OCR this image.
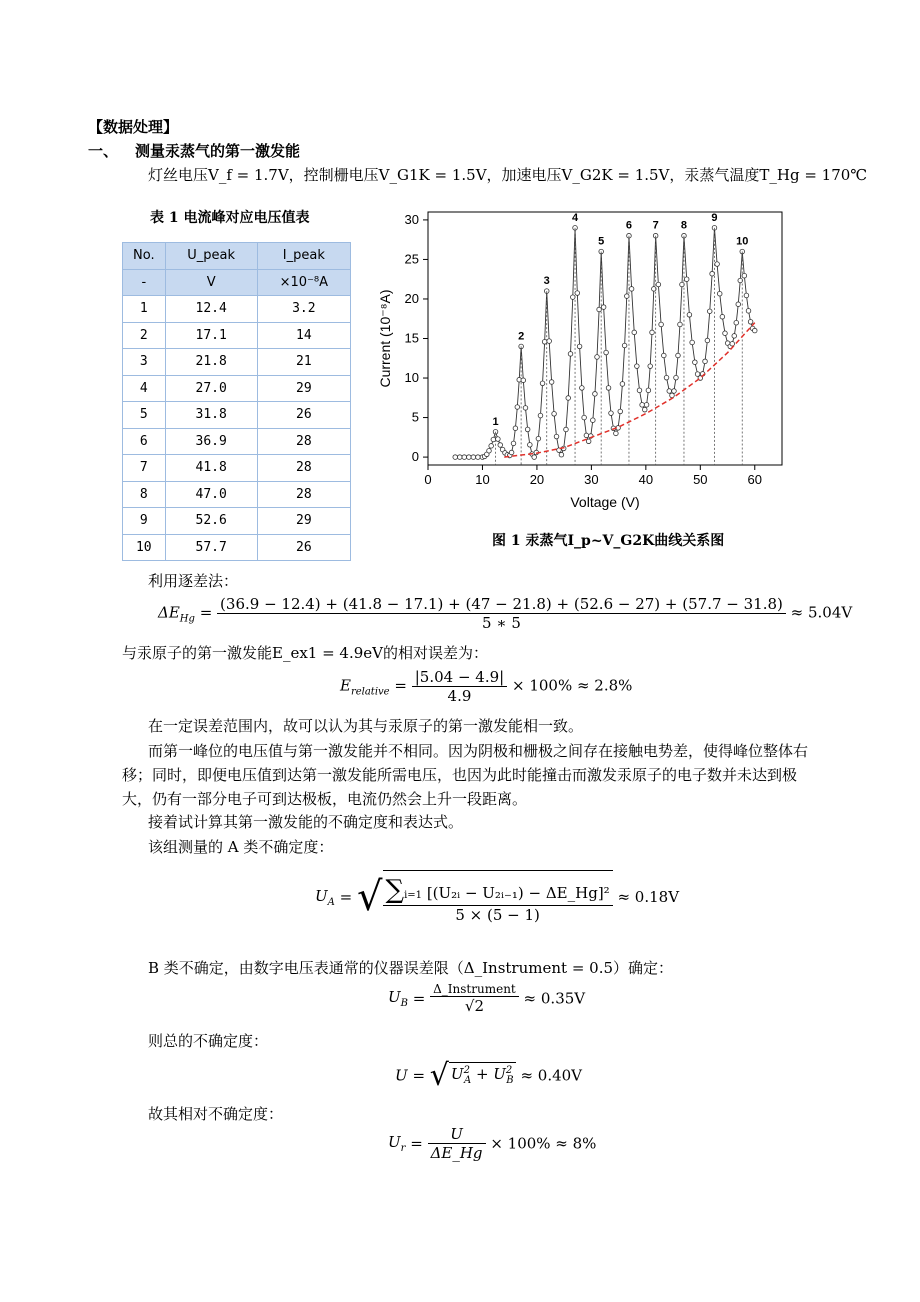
【数据处理】
一、 测量汞蒸气的第一激发能
灯丝电压V_f = 1.7V，控制栅电压V_G1K = 1.5V，加速电压V_G2K = 1.5V，汞蒸气温度T_Hg = 170℃
表 1 电流峰对应电压值表
No.	U_peak	I_peak
-	V	×10⁻⁸A
1	12.4	3.2
2	17.1	14
3	21.8	21
4	27.0	29
5	31.8	26
6	36.9	28
7	41.8	28
8	47.0	28
9	52.6	29
10	57.7	26
0	10	20	30	40	50	60
0
5
10
15
20
25
30
Voltage (V)
Current (10⁻⁸A)
1
2
3
4
5
6 7 8
9
10
图 1 汞蒸气I_p~V_G2K曲线关系图
利用逐差法：
$\Delta E_{Hg} = (36.9 - 12.4) + (41.8 - 17.1) + (47 - 21.8) + (52.6 - 27) + (57.7 - 31.8)$
5 ∗ 5
≈ 5.04V
与汞原子的第一激发能E_ex1 = 4.9eV的相对误差为：
$E_{relative} = \frac{|5.04 - 4.9|}{4.9} \times 100\% \approx 2.8\%$
在一定误差范围内，故可以认为其与汞原子的第一激发能相一致。
而第一峰位的电压值与第一激发能并不相同。因为阴极和栅极之间存在接触电势差，使得峰位整体右移；同时，即便电压值到达第一激发能所需电压，也因为此时能撞击而激发汞原子的电子数并未达到极大，仍有一部分电子可到达极板，电流仍然会上升一段距离。
接着试计算其第一激发能的不确定度和表达式。
该组测量的 A 类不确定度：
$U_A$ = √ $\frac{\text{∑i=1 [(U₂ᵢ − U₂ᵢ₋₁) − ΔE\_Hg]²}}{5 \times (5 - 1)} \approx 0.18V$
B 类不确定，由数字电压表通常的仪器误差限（Δ_Instrument = 0.5）确定：
$U_B = \frac{\text{Δ\_Instrument}}{√2} \approx 0.35V$
则总的不确定度：
U = √ $U^2_A + U^2_B \approx 0.40V$
故其相对不确定度：
$U_r = \frac{U}{\Delta E\_Hg} \times 100\% \approx 8\%$
